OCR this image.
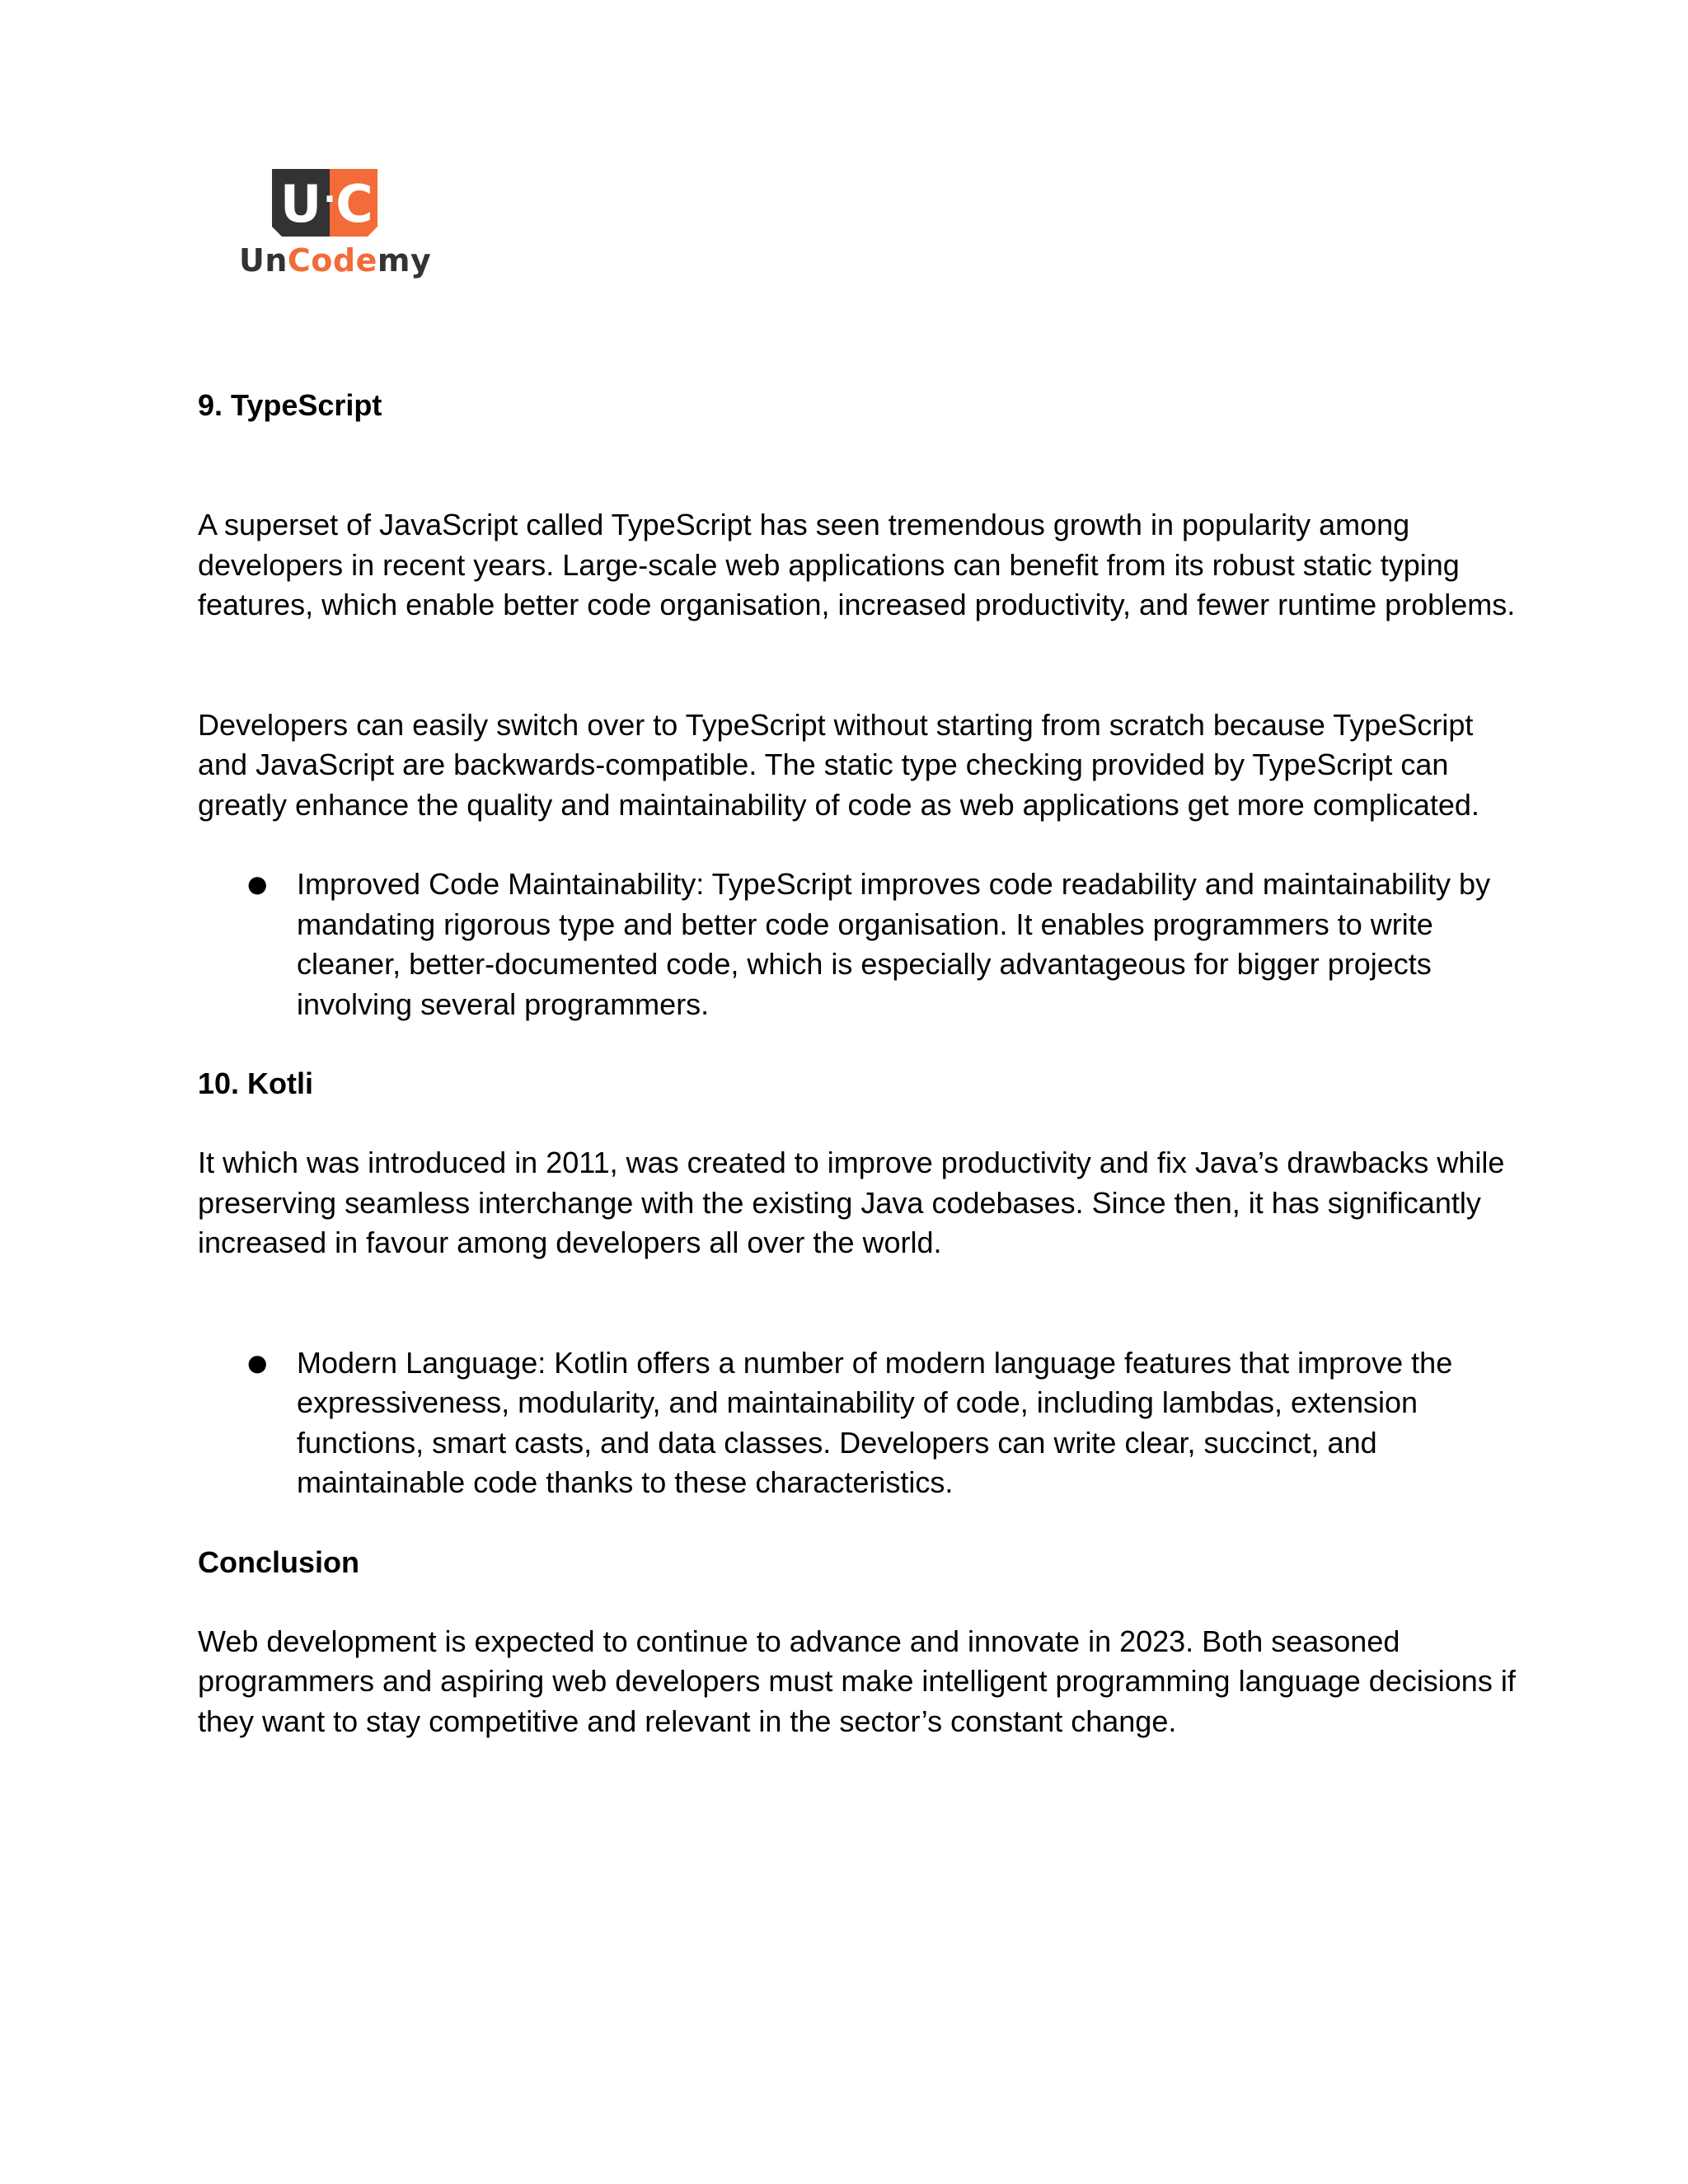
U · C
UnCodemy
9. TypeScript

A superset of JavaScript called TypeScript has seen tremendous growth in popularity among developers in recent years. Large-scale web applications can benefit from its robust static typing features, which enable better code organisation, increased productivity, and fewer runtime problems.

Developers can easily switch over to TypeScript without starting from scratch because TypeScript and JavaScript are backwards-compatible. The static type checking provided by TypeScript can greatly enhance the quality and maintainability of code as web applications get more complicated.

● Improved Code Maintainability: TypeScript improves code readability and maintainability by mandating rigorous type and better code organisation. It enables programmers to write cleaner, better-documented code, which is especially advantageous for bigger projects involving several programmers.
10. Kotli

It which was introduced in 2011, was created to improve productivity and fix Java’s drawbacks while preserving seamless interchange with the existing Java codebases. Since then, it has significantly increased in favour among developers all over the world.

● Modern Language: Kotlin offers a number of modern language features that improve the expressiveness, modularity, and maintainability of code, including lambdas, extension functions, smart casts, and data classes. Developers can write clear, succinct, and maintainable code thanks to these characteristics.
Conclusion

Web development is expected to continue to advance and innovate in 2023. Both seasoned programmers and aspiring web developers must make intelligent programming language decisions if they want to stay competitive and relevant in the sector’s constant change.
